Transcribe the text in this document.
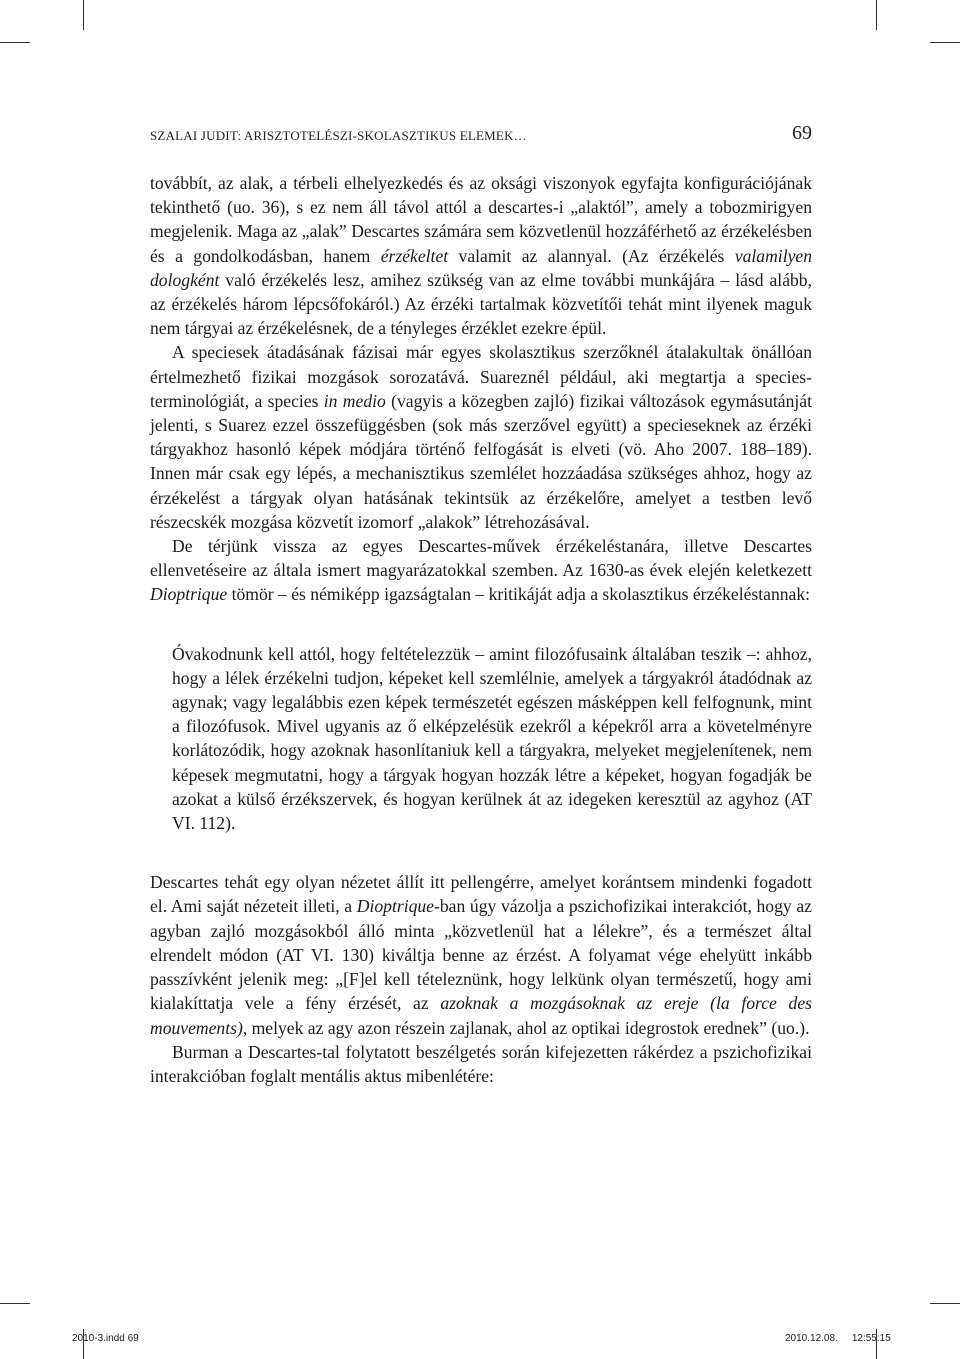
SZALAI JUDIT: ARISZTOTELÉSZI-SKOLASZTIKUS ELEMEK…	69

továbbít, az alak, a térbeli elhelyezkedés és az oksági viszonyok egyfajta konfigurációjának tekinthető (uo. 36), s ez nem áll távol attól a descartes-i „alaktól”, amely a tobozmirigyen megjelenik. Maga az „alak” Descartes számára sem közvetlenül hozzáférhető az érzékelésben és a gondolkodásban, hanem érzékeltet valamit az alannyal. (Az érzékelés valamilyen dologként való érzékelés lesz, amihez szükség van az elme további munkájára – lásd alább, az érzékelés három lépcsőfokáról.) Az érzéki tartalmak közvetítői tehát mint ilyenek maguk nem tárgyai az érzékelésnek, de a tényleges érzéklet ezekre épül.

A speciesek átadásának fázisai már egyes skolasztikus szerzőknél átalakultak önállóan értelmezhető fizikai mozgások sorozatává. Suareznél például, aki megtartja a species-terminológiát, a species in medio (vagyis a közegben zajló) fizikai változások egymásutánját jelenti, s Suarez ezzel összefüggésben (sok más szerzővel együtt) a specieseknek az érzéki tárgyakhoz hasonló képek módjára történő felfogását is elveti (vö. Aho 2007. 188–189). Innen már csak egy lépés, a mechanisztikus szemlélet hozzáadása szükséges ahhoz, hogy az érzékelést a tárgyak olyan hatásának tekintsük az érzékelőre, amelyet a testben levő részecskék mozgása közvetít izomorf „alakok” létrehozásával.

De térjünk vissza az egyes Descartes-művek érzékeléstanára, illetve Descartes ellenvetéseire az általa ismert magyarázatokkal szemben. Az 1630-as évek elején keletkezett Dioptrique tömör – és némiképp igazságtalan – kritikáját adja a skolasztikus érzékeléstannak:

Óvakodnunk kell attól, hogy feltételezzük – amint filozófusaink általában teszik –: ahhoz, hogy a lélek érzékelni tudjon, képeket kell szemlélnie, amelyek a tárgyakról átadódnak az agynak; vagy legalábbis ezen képek természetét egészen másképpen kell felfognunk, mint a filozófusok. Mivel ugyanis az ő elképzelésük ezekről a képekről arra a követelményre korlátozódik, hogy azoknak hasonlítaniuk kell a tárgyakra, melyeket megjelenítenek, nem képesek megmutatni, hogy a tárgyak hogyan hozzák létre a képeket, hogyan fogadják be azokat a külső érzékszervek, és hogyan kerülnek át az idegeken keresztül az agyhoz (AT VI. 112).

Descartes tehát egy olyan nézetet állít itt pellengérre, amelyet korántsem mindenki fogadott el. Ami saját nézeteit illeti, a Dioptrique-ban úgy vázolja a pszichofizikai interakciót, hogy az agyban zajló mozgásokból álló minta „közvetlenül hat a lélekre”, és a természet által elrendelt módon (AT VI. 130) kiváltja benne az érzést. A folyamat vége ehelyütt inkább passzívként jelenik meg: „[F]el kell tételeznünk, hogy lelkünk olyan természetű, hogy ami kialakíttatja vele a fény érzését, az azoknak a mozgásoknak az ereje (la force des mouvements), melyek az agy azon részein zajlanak, ahol az optikai idegrostok erednek” (uo.).

Burman a Descartes-tal folytatott beszélgetés során kifejezetten rákérdez a pszichofizikai interakcióban foglalt mentális aktus mibenlétére:

2010-3.indd 69	2010.12.08. 12:55:15
